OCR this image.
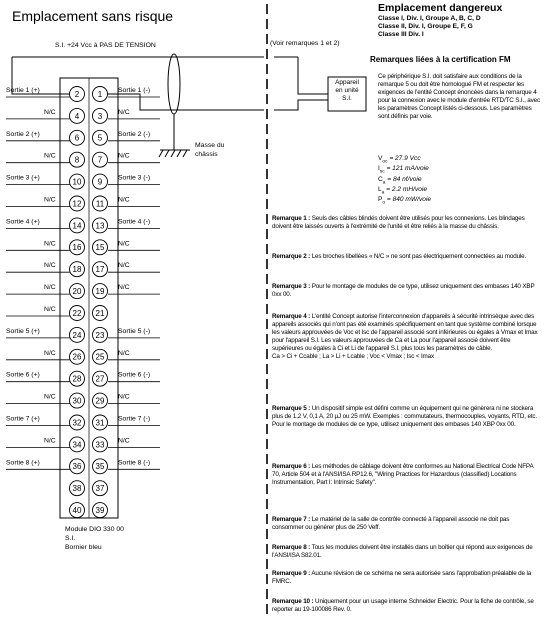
2 1
4 3
6 5
8 7
10 9
12 11
14 13
16 15
18 17
20 19
22 21
24 23
26 25
28 27
30 29
32 31
34 33
36 35
38 37
40 39
Sortie 1 (+)
N/C
Sortie 2 (+)
N/C
Sortie 3 (+)
N/C
Sortie 4 (+)
N/C
N/C
N/C
N/C
Sortie 5 (+)
N/C
Sortie 6 (+)
N/C
Sortie 7 (+)
N/C
Sortie 8 (+)
Sortie 1 (-)
N/C
Sortie 2 (-)
N/C
Sortie 3 (-)
N/C
Sortie 4 (-)
N/C
N/C
N/C
Sortie 5 (-)
N/C
Sortie 6 (-)
N/C
Sortie 7 (-)
N/C
Sortie 8 (-)
Emplacement sans risque
S.I. +24 Vcc à PAS DE TENSION	(Voir remarques 1 et 2)
Appareil en unité S.I.
Masse du châssis
Module DIO 330 00
S.I.
Bornier bleu
Emplacement dangereux
Classe I, Div. I, Groupe A, B, C, D
Classe II, Div. I, Groupe E, F, G
Classe III Div. I
Remarques liées à la certification FM
Ce périphérique S.I. doit satisfaire aux conditions de la remarque 5 ou doit être homologué FM et respecter les exigences de l'entité Concept énoncées dans la remarque 4 pour la connexion avec le module d'entrée RTD/TC S.I., avec les paramètres Concept listés ci-dessous. Les paramètres sont définis par voie.
$V_{oc} = 27.9$ Vcc
$I_{sc} = 121$ mA/voie
$C_a = 84$ nf/voie
$L_a = 2.2$ mH/voie
$P_o = 840$ mW/voie
Remarque 1 : Seuls des câbles blindés doivent être utilisés pour les connexions. Les blindages doivent être laissés ouverts à l'extrémité de l'unité et être reliés à la masse du châssis.
Remarque 2 : Les broches libellées « N/C » ne sont pas électriquement connectées au module.
Remarque 3 : Pour le montage de modules de ce type, utilisez uniquement des embases 140 XBP 0xx 00.
Remarque 4 : L'entité Concept autorise l'interconnexion d'appareils à sécurité intrinsèque avec des appareils associés qui n'ont pas été examinés spécifiquement en tant que système combiné lorsque les valeurs approuvées de Voc et Isc de l'appareil associé sont inférieures ou égales à Vmax et Imax pour l'appareil S.I. Les valeurs approuvées de Ca et La pour l'appareil associé doivent être supérieures ou égales à Ci et Li de l'appareil S.I. plus tous les paramètres de câble.
Ca > Ci + Ccable ; La > Li + Lcable ; Voc < Vmax ; Isc < Imax
Remarque 5 : Un dispositif simple est défini comme un équipement qui ne génèrera ni ne stockera plus de 1,2 V, 0,1 A, 20 µJ ou 25 mW. Exemples : commutateurs, thermocouples, voyants, RTD, etc. Pour le montage de modules de ce type, utilisez uniquement des embases 140 XBP 0xx 00.
Remarque 6 : Les méthodes de câblage doivent être conformes au National Electrical Code NFPA 70, Article 504 et à l'ANSI/ISA RP12.6, "Wiring Practices for Hazardous (classified) Locations Instrumentation, Part I: Intrinsic Safety".
Remarque 7 : Le matériel de la salle de contrôle connecté à l'appareil associé ne doit pas consommer ou générer plus de 250 Veff.
Remarque 8 : Tous les modules doivent être installés dans un boîtier qui répond aux exigences de l'ANSI/ISA S82.01.
Remarque 9 : Aucune révision de ce schéma ne sera autorisée sans l'approbation préalable de la FMRC.
Remarque 10 : Uniquement pour un usage interne Schneider Electric. Pour la fiche de contrôle, se reporter au 19-100086 Rev. 0.
